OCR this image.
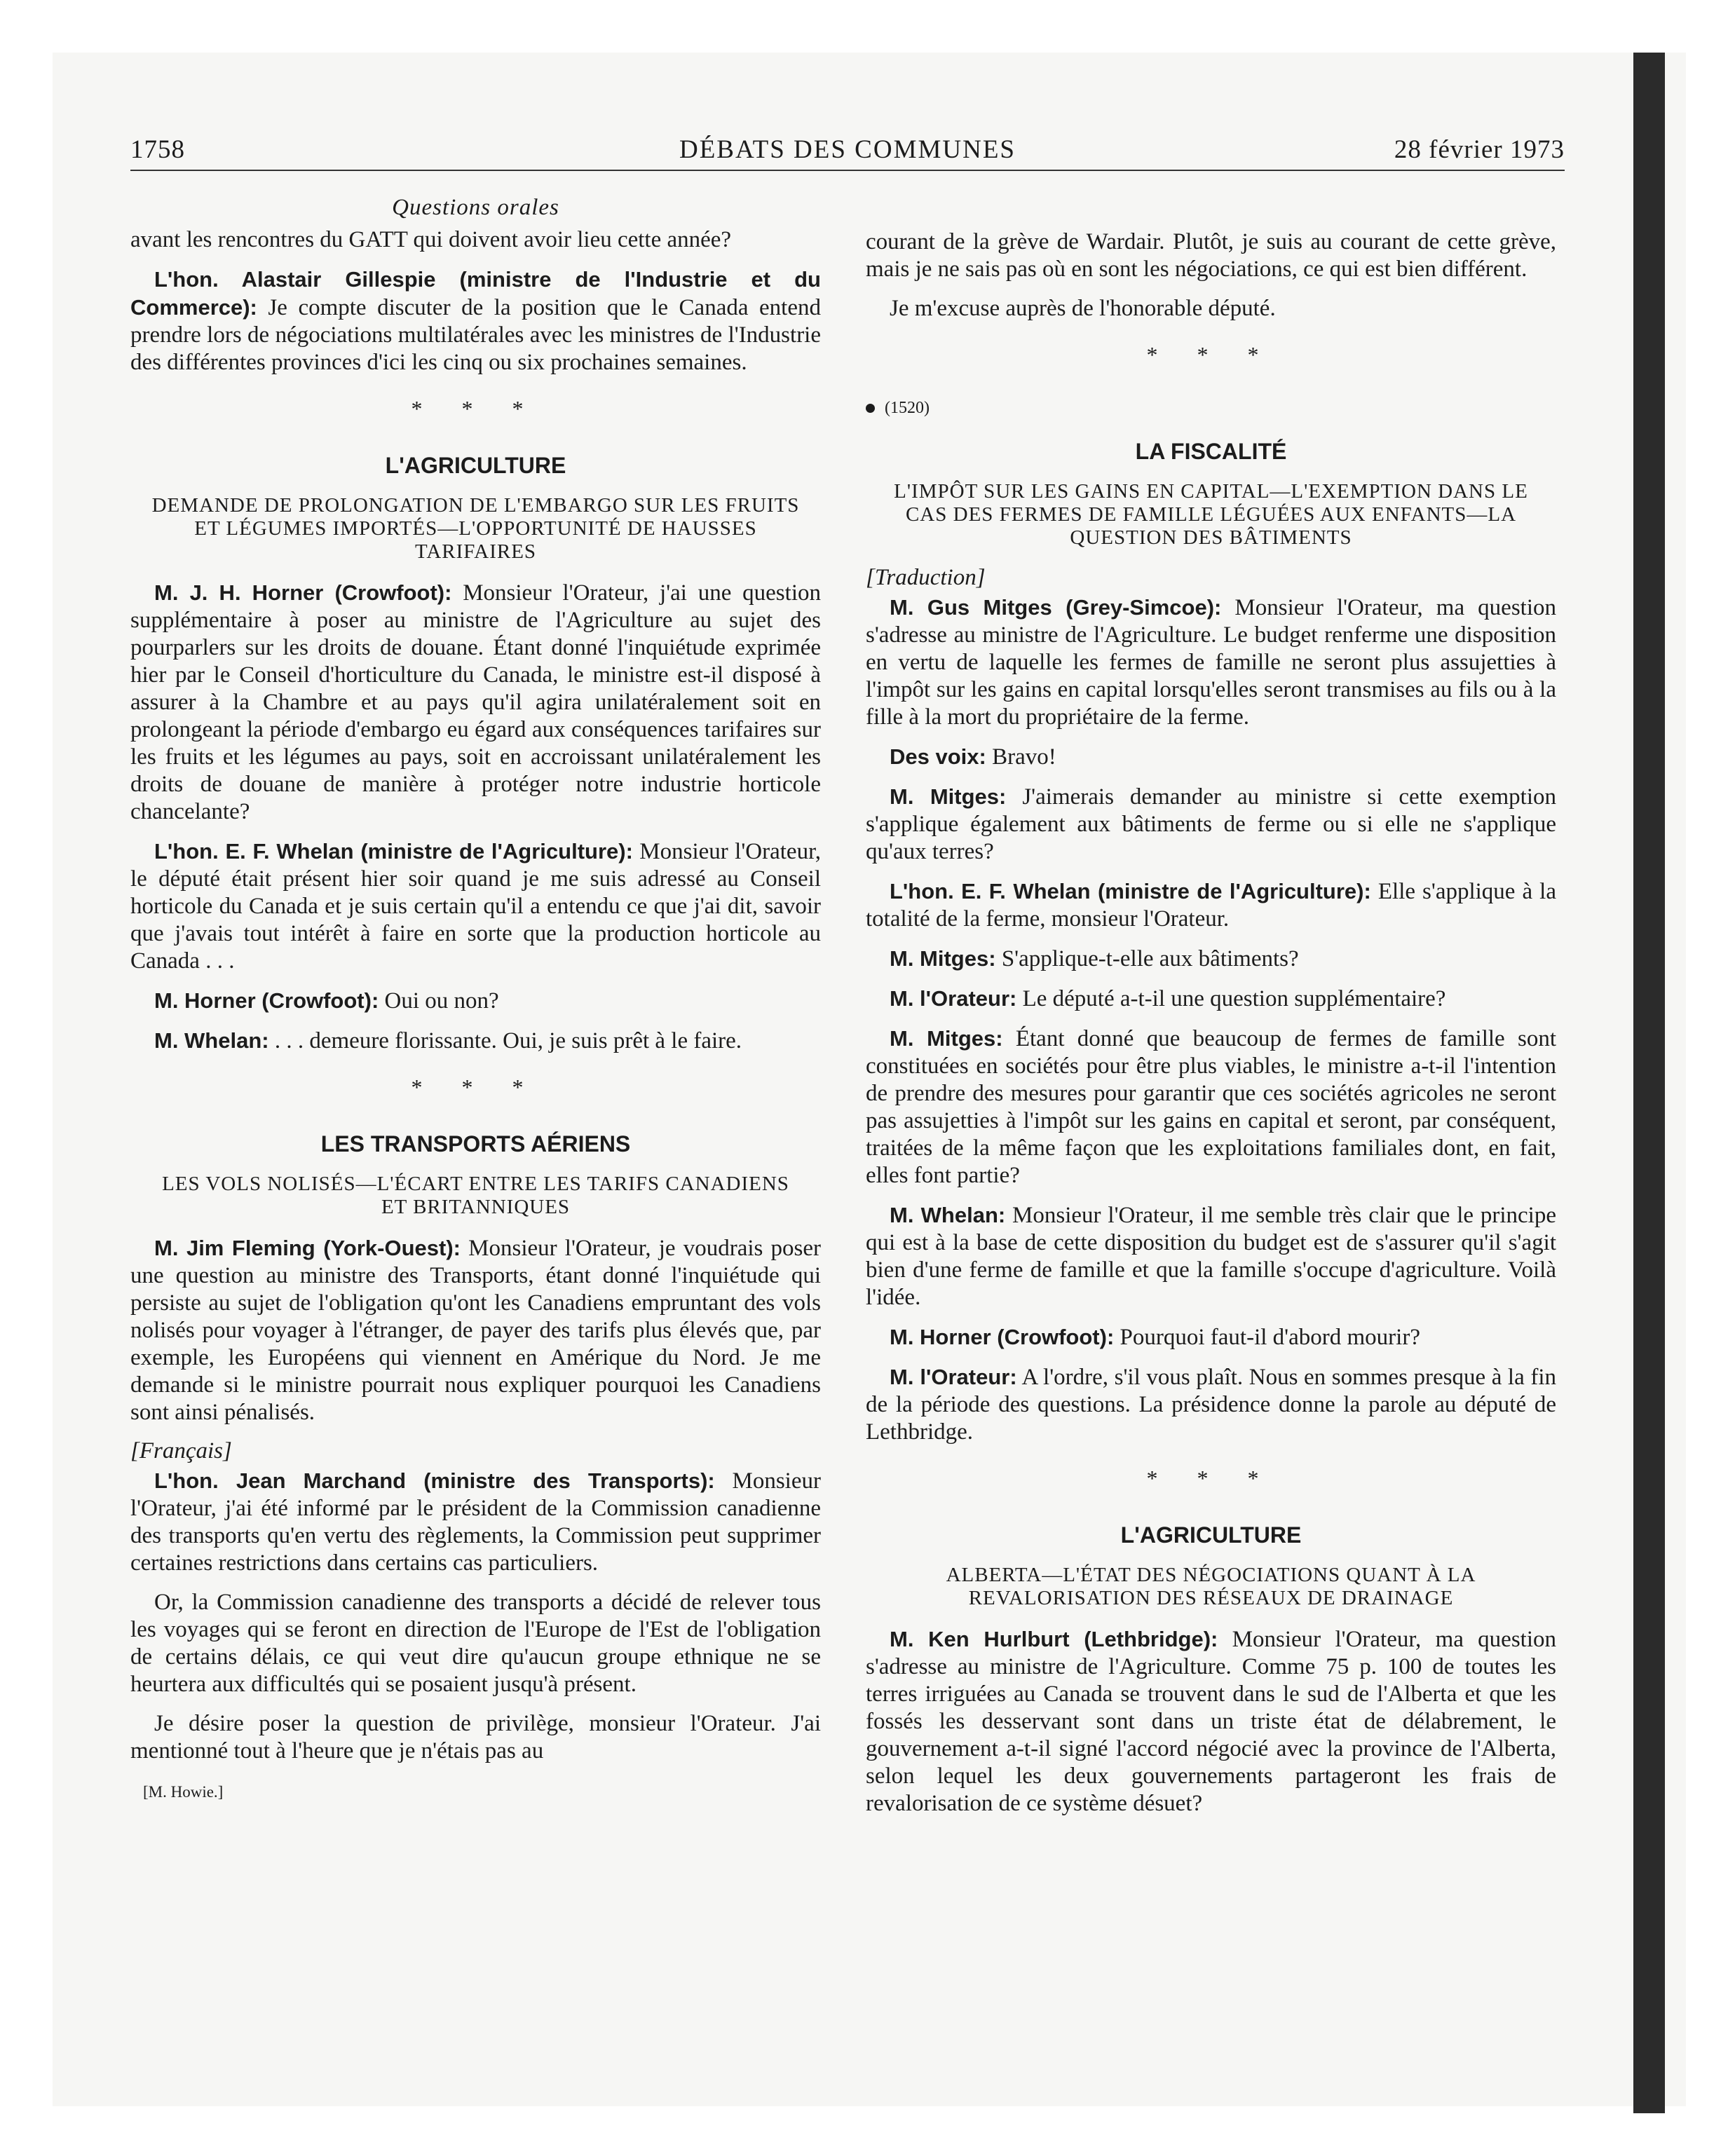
1758	DÉBATS DES COMMUNES	28 février 1973
Questions orales

avant les rencontres du GATT qui doivent avoir lieu cette année?

L'hon. Alastair Gillespie (ministre de l'Industrie et du Commerce): Je compte discuter de la position que le Canada entend prendre lors de négociations multilatérales avec les ministres de l'Industrie des différentes provinces d'ici les cinq ou six prochaines semaines.

* * *
L'AGRICULTURE
DEMANDE DE PROLONGATION DE L'EMBARGO SUR LES FRUITS ET LÉGUMES IMPORTÉS—L'OPPORTUNITÉ DE HAUSSES TARIFAIRES

M. J. H. Horner (Crowfoot): Monsieur l'Orateur, j'ai une question supplémentaire à poser au ministre de l'Agriculture au sujet des pourparlers sur les droits de douane. Étant donné l'inquiétude exprimée hier par le Conseil d'horticulture du Canada, le ministre est-il disposé à assurer à la Chambre et au pays qu'il agira unilatéralement soit en prolongeant la période d'embargo eu égard aux conséquences tarifaires sur les fruits et les légumes au pays, soit en accroissant unilatéralement les droits de douane de manière à protéger notre industrie horticole chancelante?

L'hon. E. F. Whelan (ministre de l'Agriculture): Monsieur l'Orateur, le député était présent hier soir quand je me suis adressé au Conseil horticole du Canada et je suis certain qu'il a entendu ce que j'ai dit, savoir que j'avais tout intérêt à faire en sorte que la production horticole au Canada . . .

M. Horner (Crowfoot): Oui ou non?

M. Whelan: . . . demeure florissante. Oui, je suis prêt à le faire.

* * *
LES TRANSPORTS AÉRIENS
LES VOLS NOLISÉS—L'ÉCART ENTRE LES TARIFS CANADIENS ET BRITANNIQUES

M. Jim Fleming (York-Ouest): Monsieur l'Orateur, je voudrais poser une question au ministre des Transports, étant donné l'inquiétude qui persiste au sujet de l'obligation qu'ont les Canadiens empruntant des vols nolisés pour voyager à l'étranger, de payer des tarifs plus élevés que, par exemple, les Européens qui viennent en Amérique du Nord. Je me demande si le ministre pourrait nous expliquer pourquoi les Canadiens sont ainsi pénalisés.

[Français]

L'hon. Jean Marchand (ministre des Transports): Monsieur l'Orateur, j'ai été informé par le président de la Commission canadienne des transports qu'en vertu des règlements, la Commission peut supprimer certaines restrictions dans certains cas particuliers.

Or, la Commission canadienne des transports a décidé de relever tous les voyages qui se feront en direction de l'Europe de l'Est de l'obligation de certains délais, ce qui veut dire qu'aucun groupe ethnique ne se heurtera aux difficultés qui se posaient jusqu'à présent.

Je désire poser la question de privilège, monsieur l'Orateur. J'ai mentionné tout à l'heure que je n'étais pas au

[M. Howie.]

courant de la grève de Wardair. Plutôt, je suis au courant de cette grève, mais je ne sais pas où en sont les négociations, ce qui est bien différent.

Je m'excuse auprès de l'honorable député.

* * *
(1520)
LA FISCALITÉ
L'IMPÔT SUR LES GAINS EN CAPITAL—L'EXEMPTION DANS LE CAS DES FERMES DE FAMILLE LÉGUÉES AUX ENFANTS—LA QUESTION DES BÂTIMENTS
[Traduction]

M. Gus Mitges (Grey-Simcoe): Monsieur l'Orateur, ma question s'adresse au ministre de l'Agriculture. Le budget renferme une disposition en vertu de laquelle les fermes de famille ne seront plus assujetties à l'impôt sur les gains en capital lorsqu'elles seront transmises au fils ou à la fille à la mort du propriétaire de la ferme.

Des voix: Bravo!

M. Mitges: J'aimerais demander au ministre si cette exemption s'applique également aux bâtiments de ferme ou si elle ne s'applique qu'aux terres?

L'hon. E. F. Whelan (ministre de l'Agriculture): Elle s'applique à la totalité de la ferme, monsieur l'Orateur.

M. Mitges: S'applique-t-elle aux bâtiments?

M. l'Orateur: Le député a-t-il une question supplémentaire?

M. Mitges: Étant donné que beaucoup de fermes de famille sont constituées en sociétés pour être plus viables, le ministre a-t-il l'intention de prendre des mesures pour garantir que ces sociétés agricoles ne seront pas assujetties à l'impôt sur les gains en capital et seront, par conséquent, traitées de la même façon que les exploitations familiales dont, en fait, elles font partie?

M. Whelan: Monsieur l'Orateur, il me semble très clair que le principe qui est à la base de cette disposition du budget est de s'assurer qu'il s'agit bien d'une ferme de famille et que la famille s'occupe d'agriculture. Voilà l'idée.

M. Horner (Crowfoot): Pourquoi faut-il d'abord mourir?

M. l'Orateur: A l'ordre, s'il vous plaît. Nous en sommes presque à la fin de la période des questions. La présidence donne la parole au député de Lethbridge.

* * *
L'AGRICULTURE
ALBERTA—L'ÉTAT DES NÉGOCIATIONS QUANT À LA REVALORISATION DES RÉSEAUX DE DRAINAGE

M. Ken Hurlburt (Lethbridge): Monsieur l'Orateur, ma question s'adresse au ministre de l'Agriculture. Comme 75 p. 100 de toutes les terres irriguées au Canada se trouvent dans le sud de l'Alberta et que les fossés les desservant sont dans un triste état de délabrement, le gouvernement a-t-il signé l'accord négocié avec la province de l'Alberta, selon lequel les deux gouvernements partageront les frais de revalorisation de ce système désuet?
